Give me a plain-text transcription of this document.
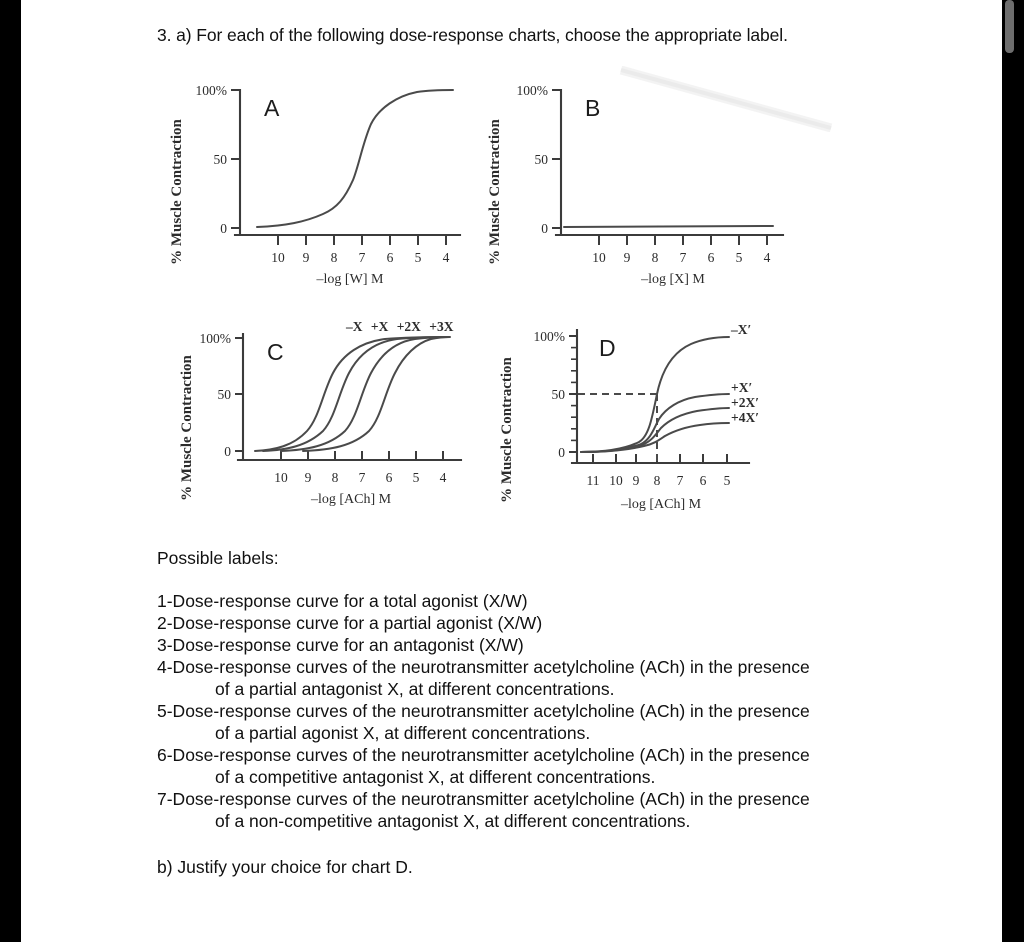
3. a) For each of the following dose-response charts, choose the appropriate label.
% Muscle Contraction
100%
50
0
10 9 8 7 6 5 4
–log [W] M
A
% Muscle Contraction
100%
50
0
10 9 8 7 6 5 4
–log [X] M
B
% Muscle Contraction
100%
50
0
10 9 8 7 6 5 4
–log [ACh] M
C
–X +X +2X +3X
% Muscle Contraction
100%
50
0
11 10 9 8 7 6 5
–log [ACh] M
D
–X′
+X′
+2X′
+4X′
Possible labels:
1-Dose-response curve for a total agonist (X/W)
2-Dose-response curve for a partial agonist (X/W)
3-Dose-response curve for an antagonist (X/W)
4-Dose-response curves of the neurotransmitter acetylcholine (ACh) in the presence
of a partial antagonist X, at different concentrations.
5-Dose-response curves of the neurotransmitter acetylcholine (ACh) in the presence
of a partial agonist X, at different concentrations.
6-Dose-response curves of the neurotransmitter acetylcholine (ACh) in the presence
of a competitive antagonist X, at different concentrations.
7-Dose-response curves of the neurotransmitter acetylcholine (ACh) in the presence
of a non-competitive antagonist X, at different concentrations.
b) Justify your choice for chart D.
